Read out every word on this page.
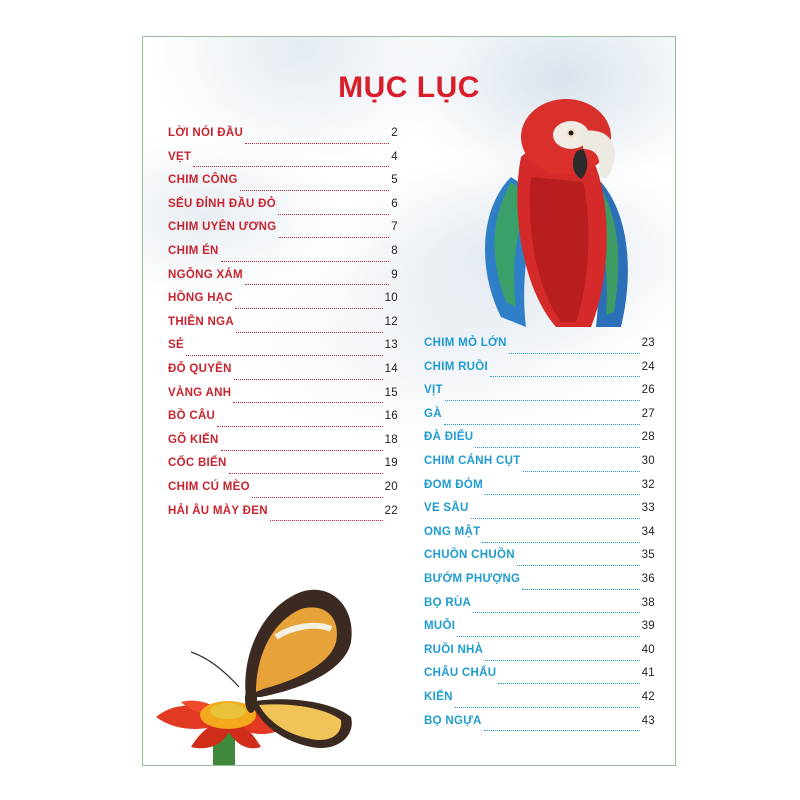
MỤC LỤC
LỜI NÓI ĐẦU	2
VẸT	4
CHIM CÔNG	5
SẾU ĐỈNH ĐẦU ĐỎ	6
CHIM UYÊN ƯƠNG	7
CHIM ÉN	8
NGỖNG XÁM	9
HỒNG HẠC	10
THIÊN NGA	12
SẺ	13
ĐỖ QUYÊN	14
VÀNG ANH	15
BỒ CÂU	16
GÕ KIẾN	18
CỐC BIỂN	19
CHIM CÚ MÈO	20
HẢI ÂU MÀY ĐEN	22
CHIM MỎ LỚN	23
CHIM RUỒI	24
VỊT	26
GÀ	27
ĐÀ ĐIỂU	28
CHIM CÁNH CỤT	30
ĐOM ĐÓM	32
VE SẦU	33
ONG MẬT	34
CHUỒN CHUỒN	35
BƯỚM PHƯỢNG	36
BỌ RÙA	38
MUỖI	39
RUỒI NHÀ	40
CHÂU CHẤU	41
KIẾN	42
BỌ NGỰA	43
